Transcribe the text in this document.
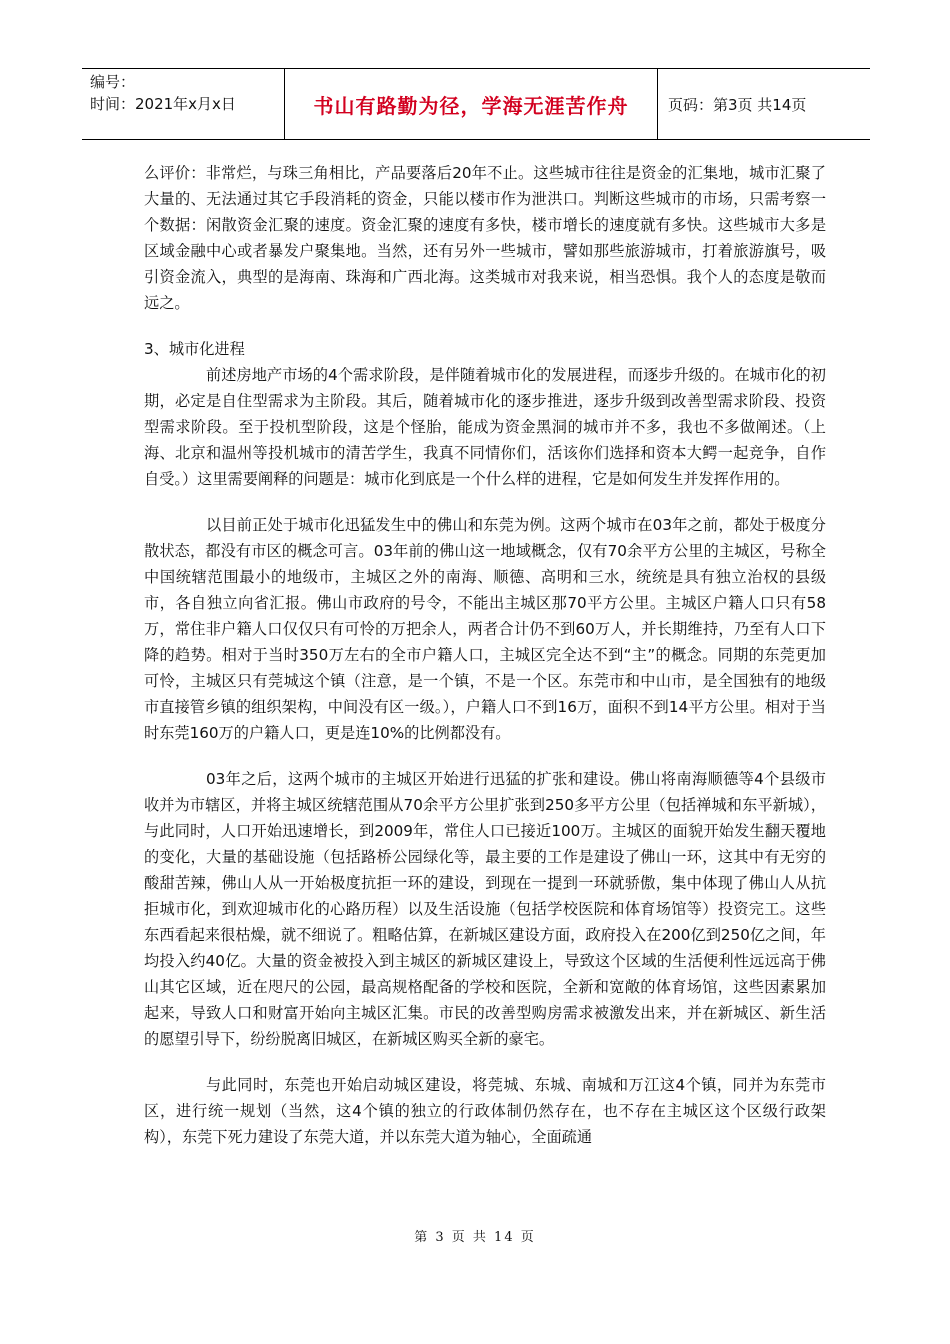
编号：
时间：2021年x月x日	书山有路勤为径，学海无涯苦作舟	页码：第3页 共14页

么评价：非常烂，与珠三角相比，产品要落后20年不止。这些城市往往是资金的汇集地，城市汇聚了大量的、无法通过其它手段消耗的资金，只能以楼市作为泄洪口。判断这些城市的市场，只需考察一个数据：闲散资金汇聚的速度。资金汇聚的速度有多快，楼市增长的速度就有多快。这些城市大多是区域金融中心或者暴发户聚集地。当然，还有另外一些城市，譬如那些旅游城市，打着旅游旗号，吸引资金流入，典型的是海南、珠海和广西北海。这类城市对我来说，相当恐惧。我个人的态度是敬而远之。

3、城市化进程

前述房地产市场的4个需求阶段，是伴随着城市化的发展进程，而逐步升级的。在城市化的初期，必定是自住型需求为主阶段。其后，随着城市化的逐步推进，逐步升级到改善型需求阶段、投资型需求阶段。至于投机型阶段，这是个怪胎，能成为资金黑洞的城市并不多，我也不多做阐述。（上海、北京和温州等投机城市的清苦学生，我真不同情你们，活该你们选择和资本大鳄一起竞争，自作自受。）这里需要阐释的问题是：城市化到底是一个什么样的进程，它是如何发生并发挥作用的。

以目前正处于城市化迅猛发生中的佛山和东莞为例。这两个城市在03年之前，都处于极度分散状态，都没有市区的概念可言。03年前的佛山这一地域概念，仅有70余平方公里的主城区，号称全中国统辖范围最小的地级市，主城区之外的南海、顺德、高明和三水，统统是具有独立治权的县级市，各自独立向省汇报。佛山市政府的号令，不能出主城区那70平方公里。主城区户籍人口只有58万，常住非户籍人口仅仅只有可怜的万把余人，两者合计仍不到60万人，并长期维持，乃至有人口下降的趋势。相对于当时350万左右的全市户籍人口，主城区完全达不到“主”的概念。同期的东莞更加可怜，主城区只有莞城这个镇（注意，是一个镇，不是一个区。东莞市和中山市，是全国独有的地级市直接管乡镇的组织架构，中间没有区一级。），户籍人口不到16万，面积不到14平方公里。相对于当时东莞160万的户籍人口，更是连10%的比例都没有。

03年之后，这两个城市的主城区开始进行迅猛的扩张和建设。佛山将南海顺德等4个县级市收并为市辖区，并将主城区统辖范围从70余平方公里扩张到250多平方公里（包括禅城和东平新城），与此同时，人口开始迅速增长，到2009年，常住人口已接近100万。主城区的面貌开始发生翻天覆地的变化，大量的基础设施（包括路桥公园绿化等，最主要的工作是建设了佛山一环，这其中有无穷的酸甜苦辣，佛山人从一开始极度抗拒一环的建设，到现在一提到一环就骄傲，集中体现了佛山人从抗拒城市化，到欢迎城市化的心路历程）以及生活设施（包括学校医院和体育场馆等）投资完工。这些东西看起来很枯燥，就不细说了。粗略估算，在新城区建设方面，政府投入在200亿到250亿之间，年均投入约40亿。大量的资金被投入到主城区的新城区建设上，导致这个区域的生活便利性远远高于佛山其它区域，近在咫尺的公园，最高规格配备的学校和医院，全新和宽敞的体育场馆，这些因素累加起来，导致人口和财富开始向主城区汇集。市民的改善型购房需求被激发出来，并在新城区、新生活的愿望引导下，纷纷脱离旧城区，在新城区购买全新的豪宅。

与此同时，东莞也开始启动城区建设，将莞城、东城、南城和万江这4个镇，同并为东莞市区，进行统一规划（当然，这4个镇的独立的行政体制仍然存在，也不存在主城区这个区级行政架构），东莞下死力建设了东莞大道，并以东莞大道为轴心，全面疏通

第 3 页 共 14 页
